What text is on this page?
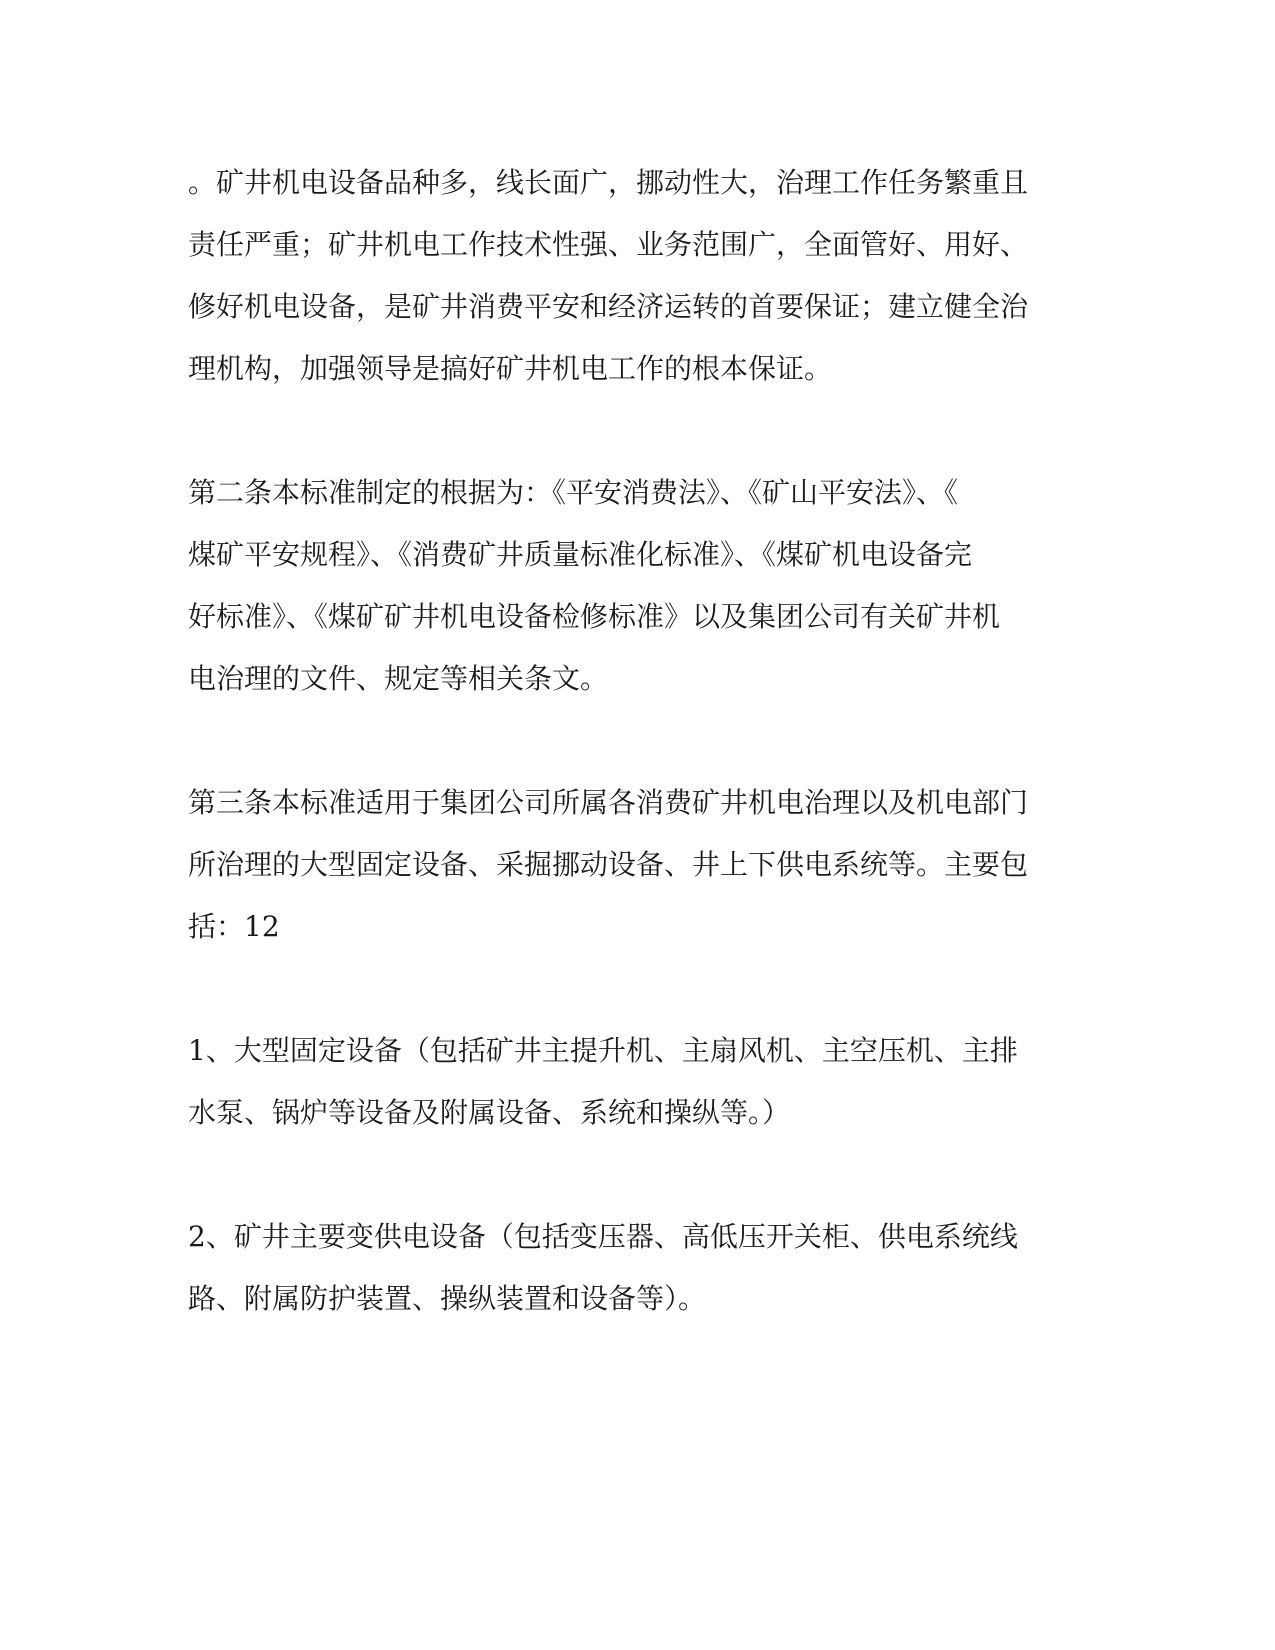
。矿井机电设备品种多，线长面广，挪动性大，治理工作任务繁重且
责任严重；矿井机电工作技术性强、业务范围广，全面管好、用好、
修好机电设备，是矿井消费平安和经济运转的首要保证；建立健全治
理机构，加强领导是搞好矿井机电工作的根本保证。
第二条本标准制定的根据为：《平安消费法》、《矿山平安法》、《
煤矿平安规程》、《消费矿井质量标准化标准》、《煤矿机电设备完
好标准》、《煤矿矿井机电设备检修标准》以及集团公司有关矿井机
电治理的文件、规定等相关条文。
第三条本标准适用于集团公司所属各消费矿井机电治理以及机电部门
所治理的大型固定设备、采掘挪动设备、井上下供电系统等。主要包
括：12
1、大型固定设备（包括矿井主提升机、主扇风机、主空压机、主排
水泵、锅炉等设备及附属设备、系统和操纵等。）
2、矿井主要变供电设备（包括变压器、高低压开关柜、供电系统线
路、附属防护装置、操纵装置和设备等）。
